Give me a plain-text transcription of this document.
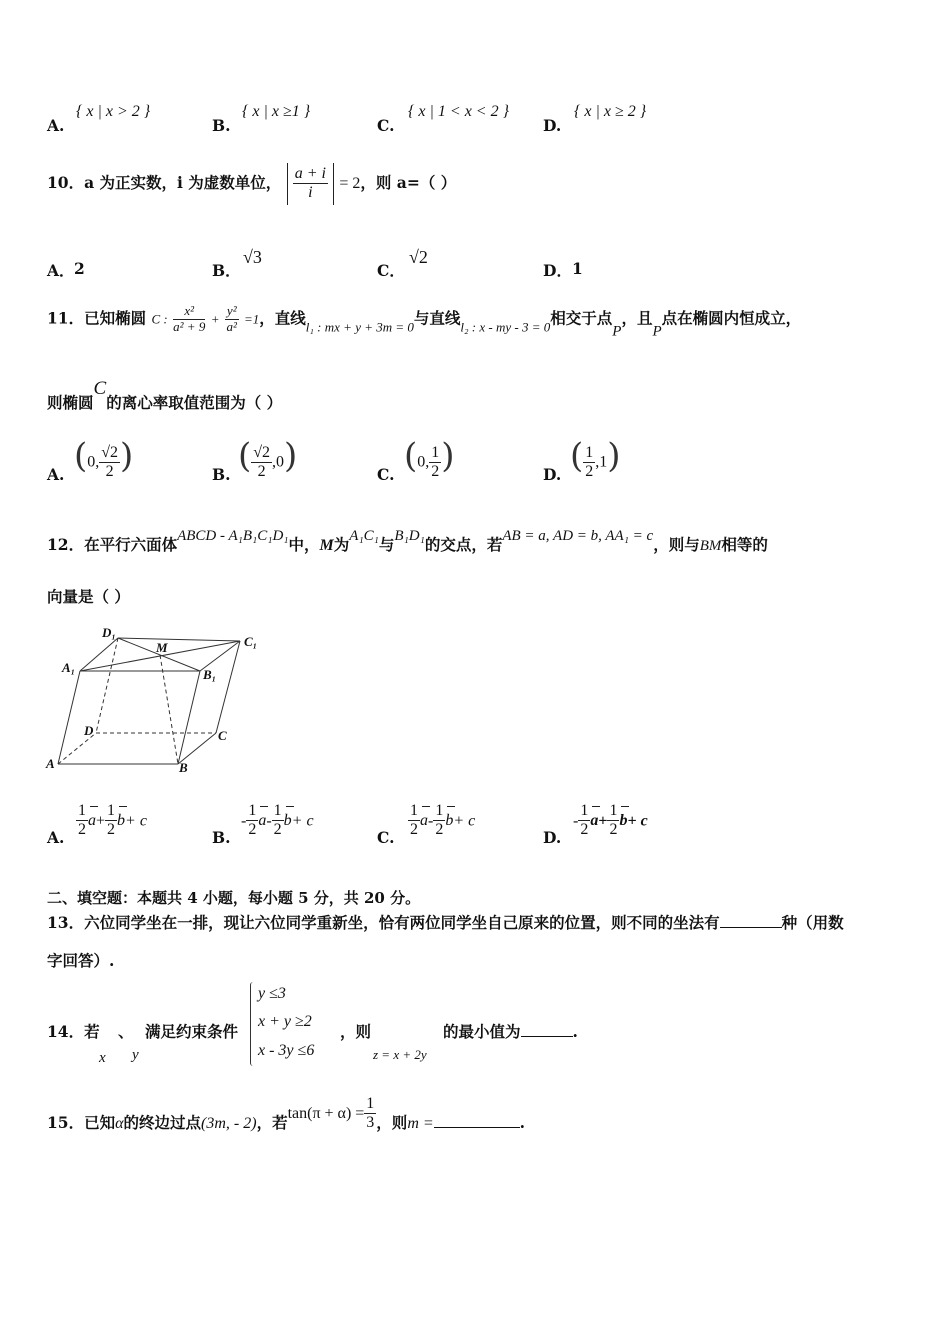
A.
{ x | x > 2 }
B.
{ x | x ≥1 }
C.
{ x | 1 < x < 2 }
D.
{ x | x ≥ 2 }
10．a 为正实数，i 为虚数单位， $\frac{a + i}{i} = 2$，则 a=（ ）
A． 2	B．
√3
C．
√2
D． 1
11．已知椭圆 C : $\frac{\text{x²}}{\text{a² + 9}} + \frac{\text{y²}}{\text{a²}} =1$，直线$_{l_1 : mx + y + 3m = 0}$与直线$_{l_2 : x - my - 3 = 0}$相交于点P，且P点在椭圆内恒成立，
则椭圆C的离心率取值范围为（ ）
A. (0, $\frac{√2}{2}$ )	B. ( $\frac{√2}{2} ,0$)	C. (0, $\frac{1}{2}$ )	D. ( $\frac{1}{2} ,1$)
12．在平行六面体ABCD - A₁B₁C₁D₁中，M为A₁C₁与B₁D₁的交点，若AB = a, AD = b, AA₁ = c，则与BM相等的
向量是（ ）
D₁
M	C₁
A₁	B₁
D	C
A	B
A. $\frac{1}{2} a+ \frac{1}{2} b+ c$
B.
- $\frac{1}{2} a- \frac{1}{2} b+ c$
C. $\frac{1}{2} a- \frac{1}{2} b+ c$
D.
- $\frac{1}{2} a+ \frac{1}{2} b+ c$
二、填空题：本题共 4 小题，每小题 5 分，共 20 分。
13．六位同学坐在一排，现让六位同学重新坐，恰有两位同学坐自己原来的位置，则不同的坐法有	种（用数
字回答）.
14．若 、 满足约束条件
x y
y ≤3
x + y ≥2
x - 3y ≤6
，则
z = x + 2y
的最小值为	.
15．已知α的终边过点(3m, - 2)，若$\tan(\pi + \alpha) = \frac{1}{3}$ ，则m =	.
